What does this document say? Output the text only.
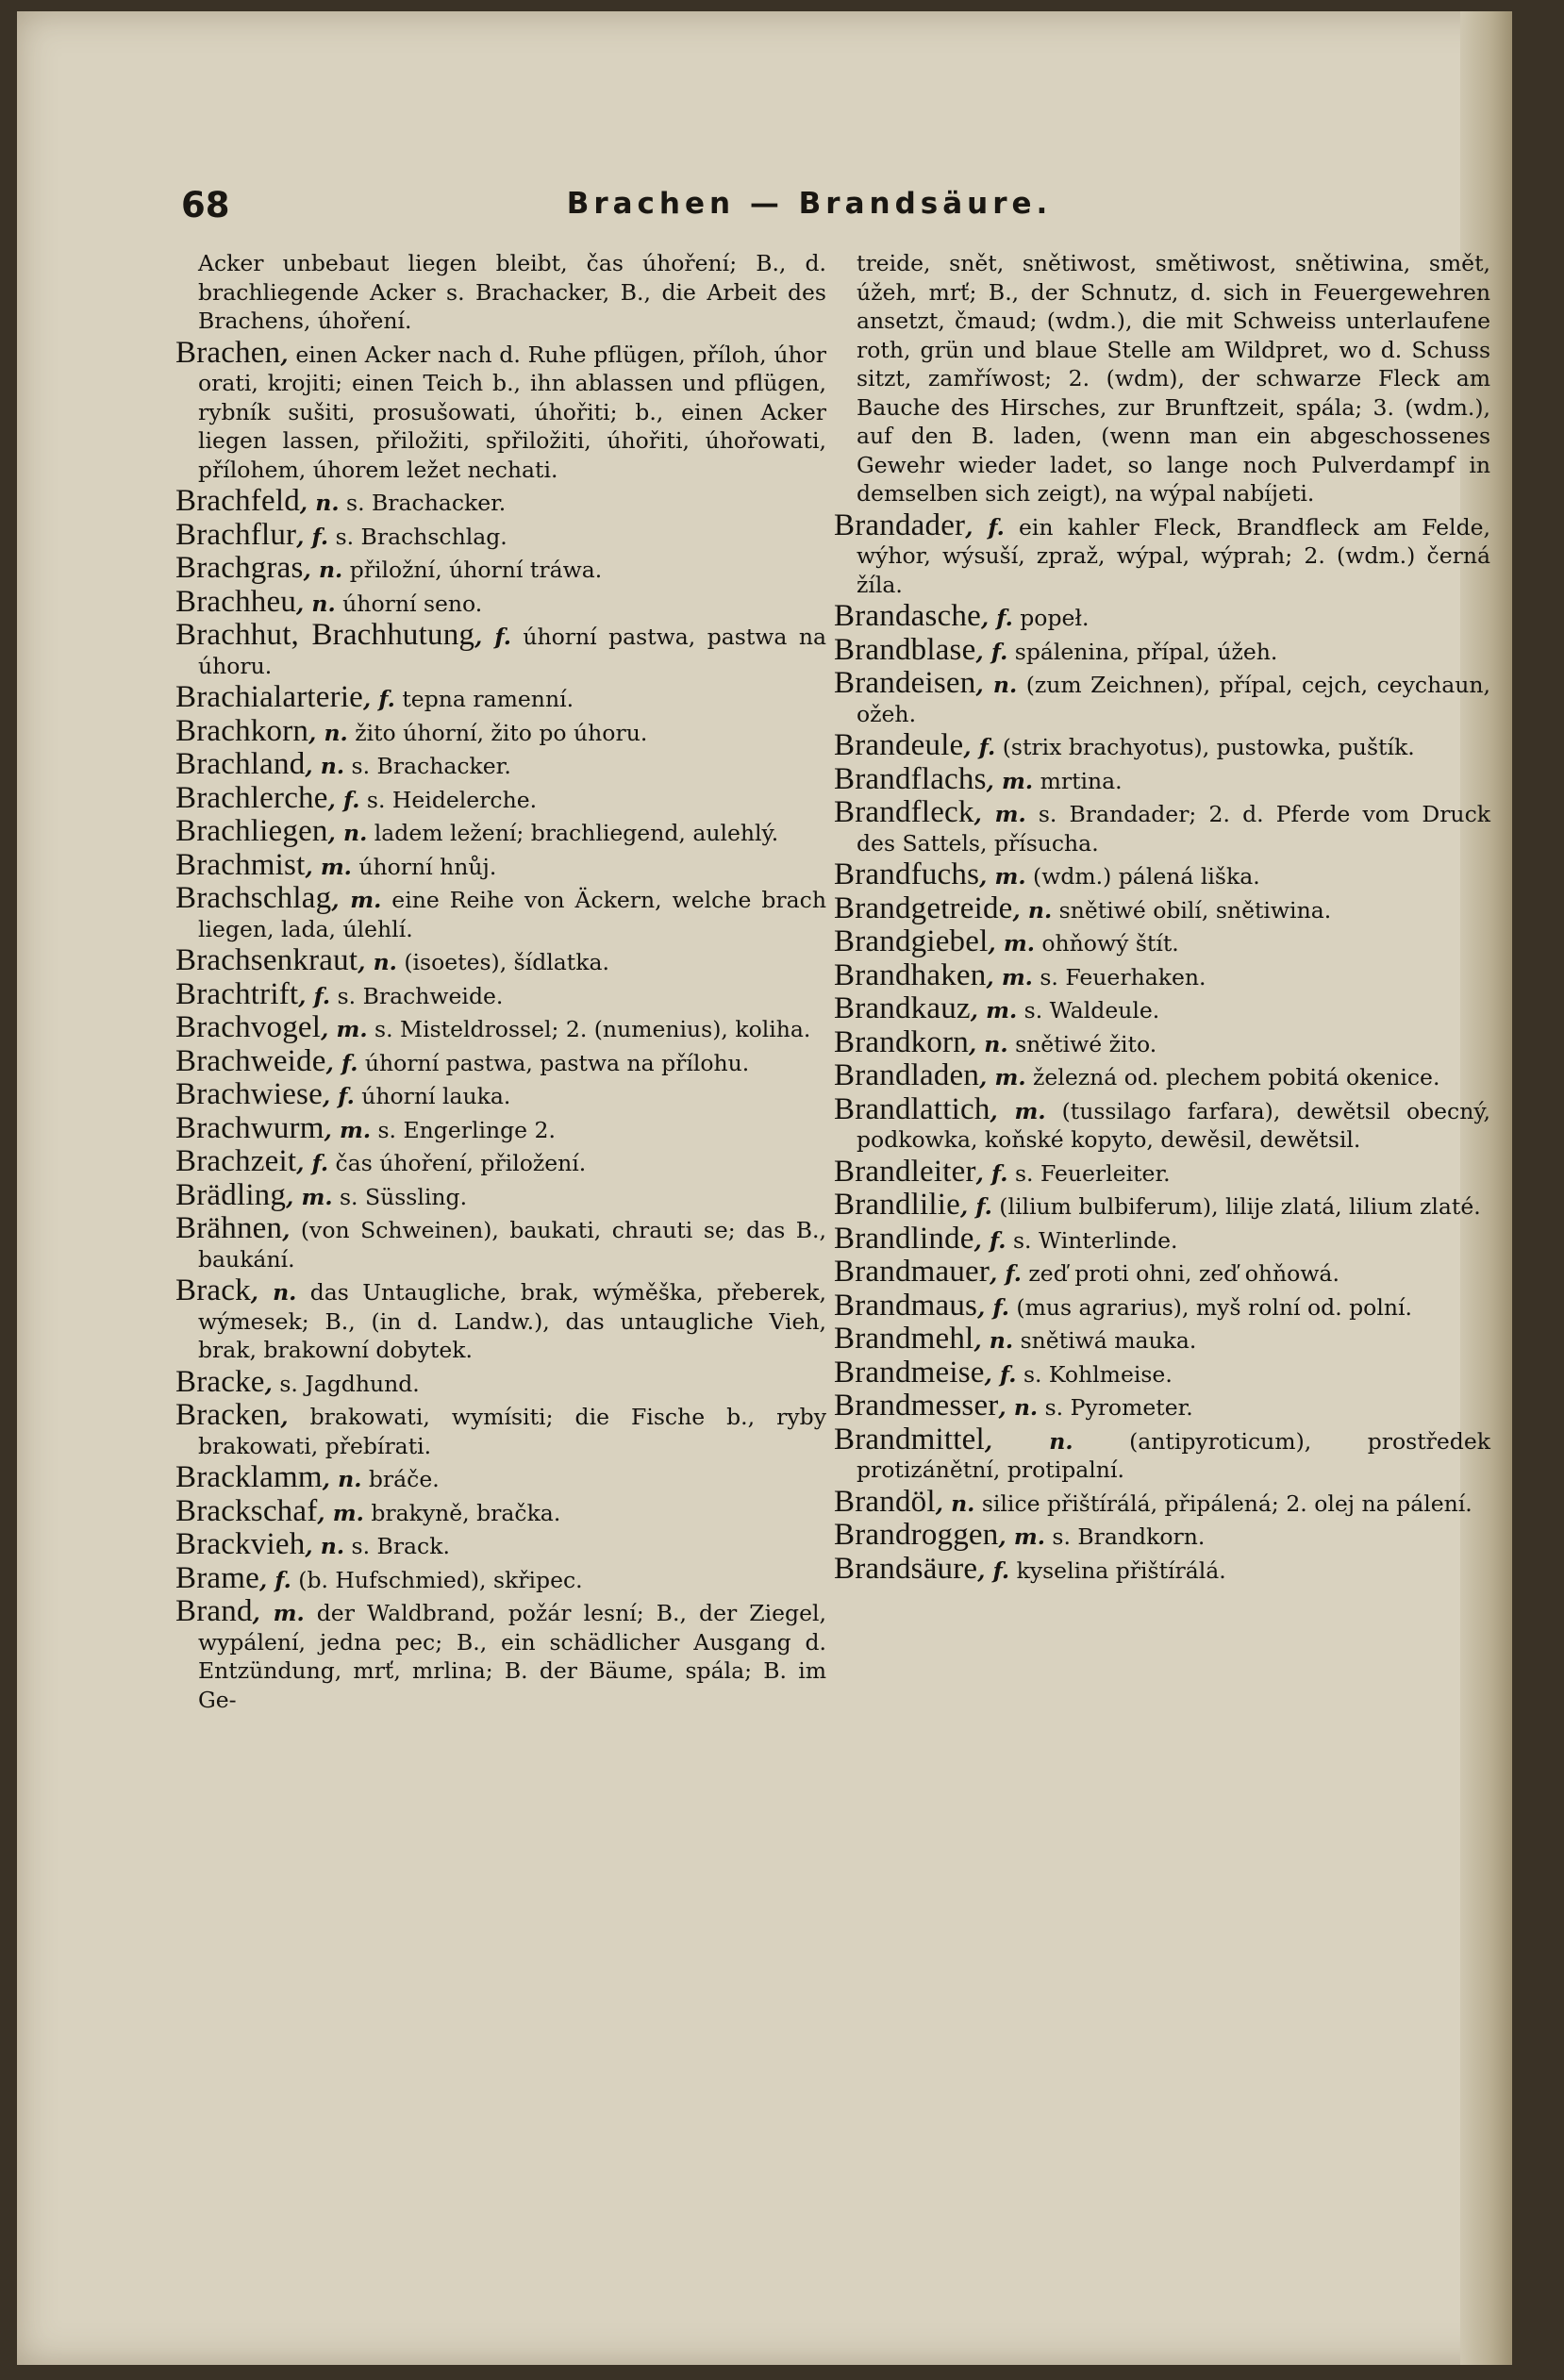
68	Brachen — Brandsäure.
Acker unbebaut liegen bleibt, čas úhoření; B., d. brachliegende Acker s. Brachacker, B., die Arbeit des Brachens, úhoření.
Brachen, einen Acker nach d. Ruhe pflügen, příloh, úhor orati, krojiti; einen Teich b., ihn ablassen und pflügen, rybník sušiti, prosušowati, úhořiti; b., einen Acker liegen lassen, přiložiti, spřiložiti, úhořiti, úhořowati, přílohem, úhorem ležet nechati.
Brachfeld, n. s. Brachacker.
Brachflur, f. s. Brachschlag.
Brachgras, n. přiložní, úhorní tráwa.
Brachheu, n. úhorní seno.
Brachhut, Brachhutung, f. úhorní pastwa, pastwa na úhoru.
Brachialarterie, f. tepna ramenní.
Brachkorn, n. žito úhorní, žito po úhoru.
Brachland, n. s. Brachacker.
Brachlerche, f. s. Heidelerche.
Brachliegen, n. ladem ležení; brachliegend, aulehlý.
Brachmist, m. úhorní hnůj.
Brachschlag, m. eine Reihe von Äckern, welche brach liegen, lada, úlehlí.
Brachsenkraut, n. (isoetes), šídlatka.
Brachtrift, f. s. Brachweide.
Brachvogel, m. s. Misteldrossel; 2. (numenius), koliha.
Brachweide, f. úhorní pastwa, pastwa na přílohu.
Brachwiese, f. úhorní lauka.
Brachwurm, m. s. Engerlinge 2.
Brachzeit, f. čas úhoření, přiložení.
Brädling, m. s. Süssling.
Brähnen, (von Schweinen), baukati, chrauti se; das B., baukání.
Brack, n. das Untaugliche, brak, wýměška, přeberek, wýmesek; B., (in d. Landw.), das untaugliche Vieh, brak, brakowní dobytek.
Bracke, s. Jagdhund.
Bracken, brakowati, wymísiti; die Fische b., ryby brakowati, přebírati.
Bracklamm, n. bráče.
Brackschaf, m. brakyně, bračka.
Brackvieh, n. s. Brack.
Brame, f. (b. Hufschmied), skřipec.
Brand, m. der Waldbrand, požár lesní; B., der Ziegel, wypálení, jedna pec; B., ein schädlicher Ausgang d. Entzündung, mrť, mrlina; B. der Bäume, spála; B. im Ge-
treide, snět, snětiwost, smětiwost, snětiwina, smět, úžeh, mrť; B., der Schnutz, d. sich in Feuergewehren ansetzt, čmaud; (wdm.), die mit Schweiss unterlaufene roth, grün und blaue Stelle am Wildpret, wo d. Schuss sitzt, zamříwost; 2. (wdm), der schwarze Fleck am Bauche des Hirsches, zur Brunftzeit, spála; 3. (wdm.), auf den B. laden, (wenn man ein abgeschossenes Gewehr wieder ladet, so lange noch Pulverdampf in demselben sich zeigt), na wýpal nabíjeti.
Brandader, f. ein kahler Fleck, Brandfleck am Felde, wýhor, wýsuší, zpraž, wýpal, wýprah; 2. (wdm.) černá žíla.
Brandasche, f. popeł.
Brandblase, f. spálenina, přípal, úžeh.
Brandeisen, n. (zum Zeichnen), přípal, cejch, ceychaun, ožeh.
Brandeule, f. (strix brachyotus), pustowka, puštík.
Brandflachs, m. mrtina.
Brandfleck, m. s. Brandader; 2. d. Pferde vom Druck des Sattels, přísucha.
Brandfuchs, m. (wdm.) pálená liška.
Brandgetreide, n. snětiwé obilí, snětiwina.
Brandgiebel, m. ohňowý štít.
Brandhaken, m. s. Feuerhaken.
Brandkauz, m. s. Waldeule.
Brandkorn, n. snětiwé žito.
Brandladen, m. železná od. plechem pobitá okenice.
Brandlattich, m. (tussilago farfara), dewětsil obecný, podkowka, koňské kopyto, dewěsil, dewětsil.
Brandleiter, f. s. Feuerleiter.
Brandlilie, f. (lilium bulbiferum), lilije zlatá, lilium zlaté.
Brandlinde, f. s. Winterlinde.
Brandmauer, f. zeď proti ohni, zeď ohňowá.
Brandmaus, f. (mus agrarius), myš rolní od. polní.
Brandmehl, n. snětiwá mauka.
Brandmeise, f. s. Kohlmeise.
Brandmesser, n. s. Pyrometer.
Brandmittel, n.	(antipyroticum), prostředek protizánětní, protipalní.
Brandöl, n. silice přištírálá, připálená; 2. olej na pálení.
Brandroggen, m. s. Brandkorn.
Brandsäure, f. kyselina přištírálá.
